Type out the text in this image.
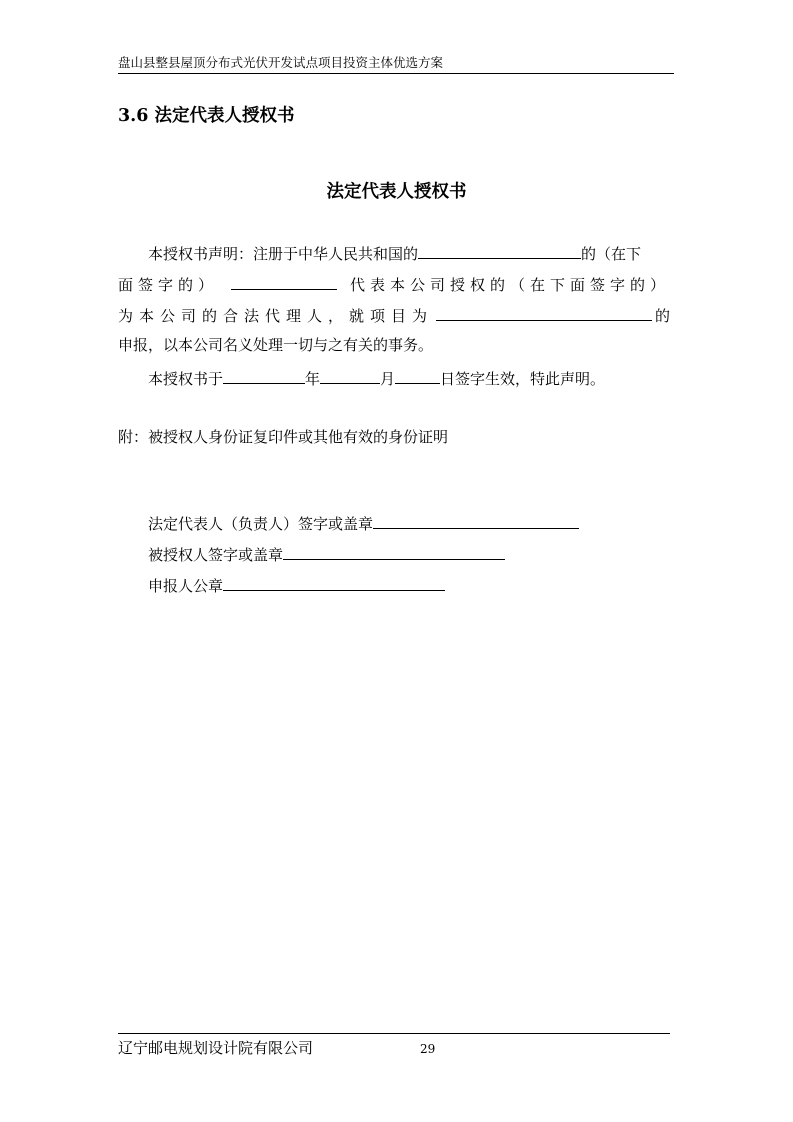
盘山县整县屋顶分布式光伏开发试点项目投资主体优选方案
3.6 法定代表人授权书
法定代表人授权书
本授权书声明：注册于中华人民共和国的	的（在下
面签字的）	代表本公司授权的（在下面签字的）
为本公司的合法代理人，就项目为	的
申报，以本公司名义处理一切与之有关的事务。
本授权书于	年	月	日签字生效，特此声明。
附：被授权人身份证复印件或其他有效的身份证明
法定代表人（负责人）签字或盖章
被授权人签字或盖章
申报人公章
辽宁邮电规划设计院有限公司	29
